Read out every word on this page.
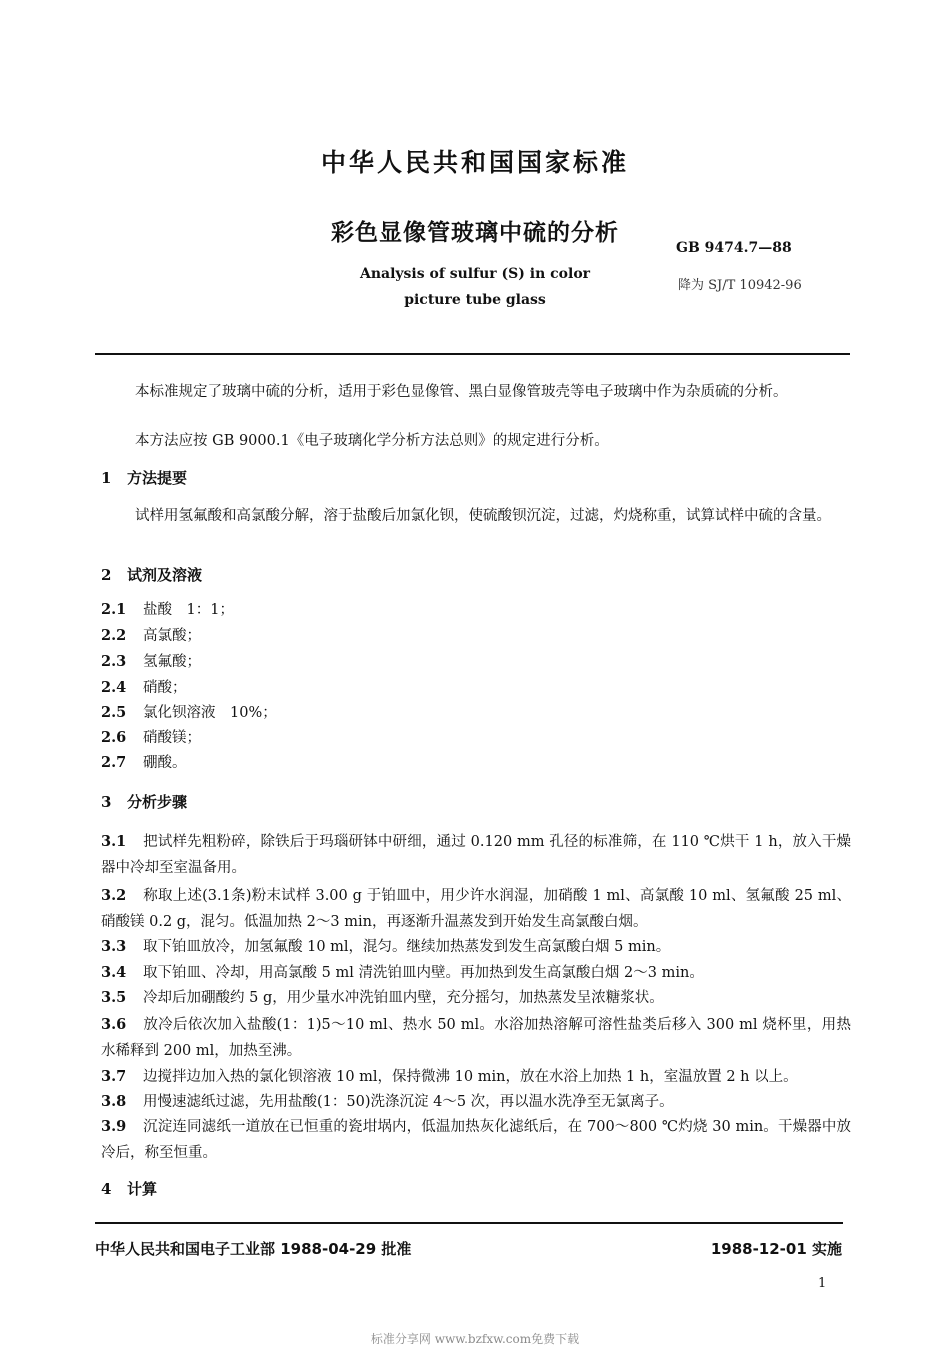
中华人民共和国国家标准
彩色显像管玻璃中硫的分析
GB 9474.7—88
降为 SJ/T 10942-96
Analysis of sulfur (S) in color
picture tube glass
本标准规定了玻璃中硫的分析，适用于彩色显像管、黑白显像管玻壳等电子玻璃中作为杂质硫的分析。
本方法应按 GB 9000.1《电子玻璃化学分析方法总则》的规定进行分析。
1 方法提要
试样用氢氟酸和高氯酸分解，溶于盐酸后加氯化钡，使硫酸钡沉淀，过滤，灼烧称重，试算试样中硫的含量。
2 试剂及溶液
2.1 盐酸　1：1；
2.2 高氯酸；
2.3 氢氟酸；
2.4 硝酸；
2.5 氯化钡溶液　10%；
2.6 硝酸镁；
2.7 硼酸。
3 分析步骤
3.1 把试样先粗粉碎，除铁后于玛瑙研钵中研细，通过 0.120 mm 孔径的标准筛，在 110 ℃烘干 1 h，放入干燥器中冷却至室温备用。
3.2 称取上述(3.1条)粉末试样 3.00 g 于铂皿中，用少许水润湿，加硝酸 1 ml、高氯酸 10 ml、氢氟酸 25 ml、硝酸镁 0.2 g，混匀。低温加热 2～3 min，再逐渐升温蒸发到开始发生高氯酸白烟。
3.3 取下铂皿放冷，加氢氟酸 10 ml，混匀。继续加热蒸发到发生高氯酸白烟 5 min。
3.4 取下铂皿、冷却，用高氯酸 5 ml 清洗铂皿内壁。再加热到发生高氯酸白烟 2～3 min。
3.5 冷却后加硼酸约 5 g，用少量水冲洗铂皿内壁，充分摇匀，加热蒸发呈浓糖浆状。
3.6 放冷后依次加入盐酸(1：1)5～10 ml、热水 50 ml。水浴加热溶解可溶性盐类后移入 300 ml 烧杯里，用热水稀释到 200 ml，加热至沸。
3.7 边搅拌边加入热的氯化钡溶液 10 ml，保持微沸 10 min，放在水浴上加热 1 h，室温放置 2 h 以上。
3.8 用慢速滤纸过滤，先用盐酸(1：50)洗涤沉淀 4～5 次，再以温水洗净至无氯离子。
3.9 沉淀连同滤纸一道放在已恒重的瓷坩埚内，低温加热灰化滤纸后，在 700～800 ℃灼烧 30 min。干燥器中放冷后，称至恒重。
4 计算
中华人民共和国电子工业部 1988-04-29 批准	1988-12-01 实施
1
标准分享网 www.bzfxw.com免费下载
